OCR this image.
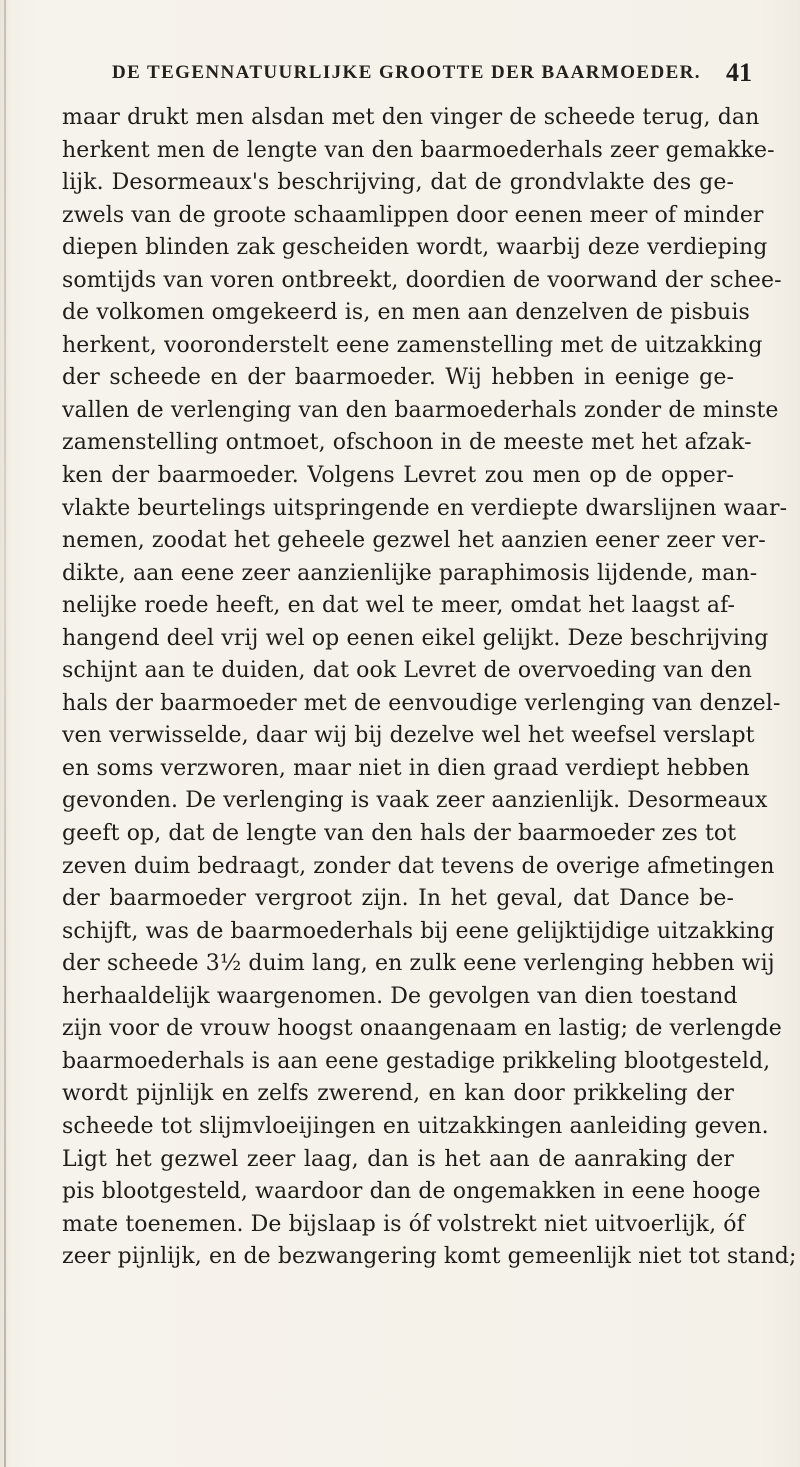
DE TEGENNATUURLIJKE GROOTTE DER BAARMOEDER. 41
maar drukt men alsdan met den vinger de scheede terug, dan
herkent men de lengte van den baarmoederhals zeer gemakke-
lijk. Desormeaux's beschrijving, dat de grondvlakte des ge-
zwels van de groote schaamlippen door eenen meer of minder
diepen blinden zak gescheiden wordt, waarbij deze verdieping
somtijds van voren ontbreekt, doordien de voorwand der schee-
de volkomen omgekeerd is, en men aan denzelven de pisbuis
herkent, vooronderstelt eene zamenstelling met de uitzakking
der scheede en der baarmoeder. Wij hebben in eenige ge-
vallen de verlenging van den baarmoederhals zonder de minste
zamenstelling ontmoet, ofschoon in de meeste met het afzak-
ken der baarmoeder. Volgens Levret zou men op de opper-
vlakte beurtelings uitspringende en verdiepte dwarslijnen waar-
nemen, zoodat het geheele gezwel het aanzien eener zeer ver-
dikte, aan eene zeer aanzienlijke paraphimosis lijdende, man-
nelijke roede heeft, en dat wel te meer, omdat het laagst af-
hangend deel vrij wel op eenen eikel gelijkt. Deze beschrijving
schijnt aan te duiden, dat ook Levret de overvoeding van den
hals der baarmoeder met de eenvoudige verlenging van denzel-
ven verwisselde, daar wij bij dezelve wel het weefsel verslapt
en soms verzworen, maar niet in dien graad verdiept hebben
gevonden. De verlenging is vaak zeer aanzienlijk. Desormeaux
geeft op, dat de lengte van den hals der baarmoeder zes tot
zeven duim bedraagt, zonder dat tevens de overige afmetingen
der baarmoeder vergroot zijn. In het geval, dat Dance be-
schijft, was de baarmoederhals bij eene gelijktijdige uitzakking
der scheede 3½ duim lang, en zulk eene verlenging hebben wij
herhaaldelijk waargenomen. De gevolgen van dien toestand
zijn voor de vrouw hoogst onaangenaam en lastig; de verlengde
baarmoederhals is aan eene gestadige prikkeling blootgesteld,
wordt pijnlijk en zelfs zwerend, en kan door prikkeling der
scheede tot slijmvloeijingen en uitzakkingen aanleiding geven.
Ligt het gezwel zeer laag, dan is het aan de aanraking der
pis blootgesteld, waardoor dan de ongemakken in eene hooge
mate toenemen. De bijslaap is óf volstrekt niet uitvoerlijk, óf
zeer pijnlijk, en de bezwangering komt gemeenlijk niet tot stand;
